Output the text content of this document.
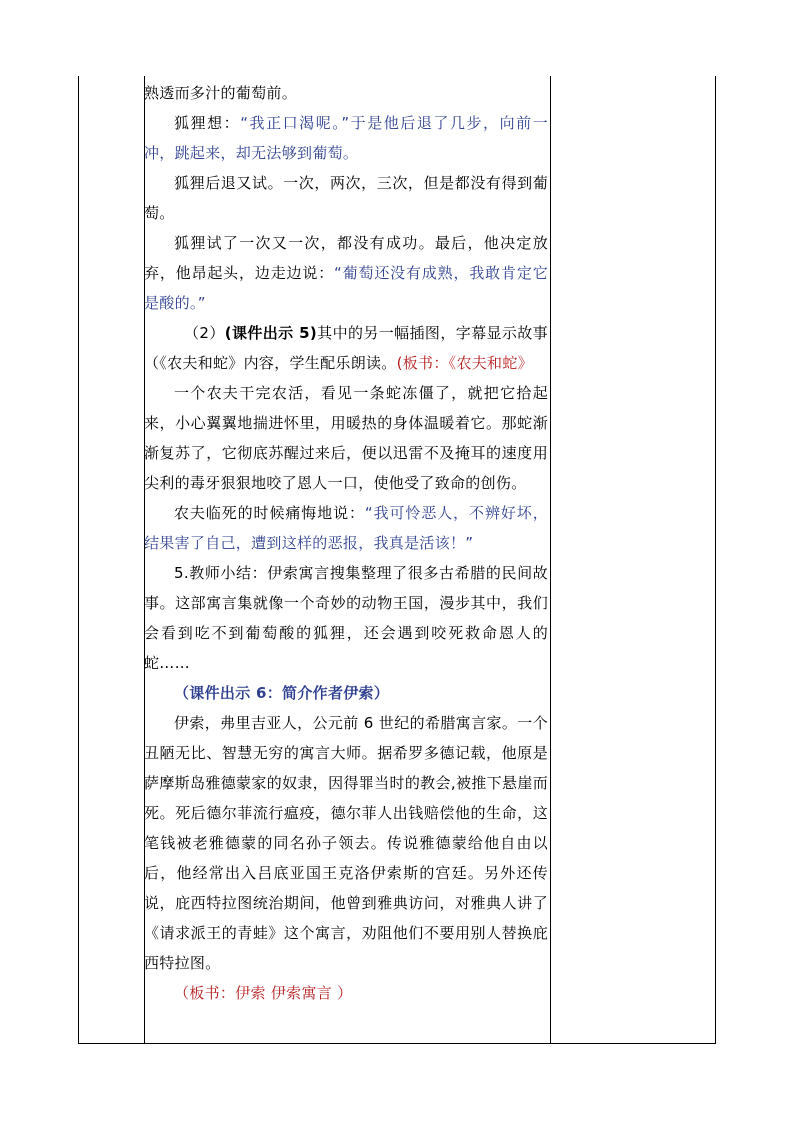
熟透而多汁的葡萄前。

狐狸想：“我正口渴呢。”于是他后退了几步，向前一冲，跳起来，却无法够到葡萄。

狐狸后退又试。一次，两次，三次，但是都没有得到葡萄。

狐狸试了一次又一次，都没有成功。最后，他决定放弃，他昂起头，边走边说：“葡萄还没有成熟，我敢肯定它是酸的。”

（2）(课件出示 5)其中的另一幅插图，字幕显示故事（《农夫和蛇》内容，学生配乐朗读。(板书：《农夫和蛇》

一个农夫干完农活，看见一条蛇冻僵了，就把它拾起来，小心翼翼地揣进怀里，用暖热的身体温暖着它。那蛇渐渐复苏了，它彻底苏醒过来后，便以迅雷不及掩耳的速度用尖利的毒牙狠狠地咬了恩人一口，使他受了致命的创伤。

农夫临死的时候痛悔地说：“我可怜恶人，不辨好坏，结果害了自己，遭到这样的恶报，我真是活该！”

5.教师小结：伊索寓言搜集整理了很多古希腊的民间故事。这部寓言集就像一个奇妙的动物王国，漫步其中，我们会看到吃不到葡萄酸的狐狸，还会遇到咬死救命恩人的蛇……

（课件出示 6：简介作者伊索）

伊索，弗里吉亚人，公元前 6 世纪的希腊寓言家。一个丑陋无比、智慧无穷的寓言大师。据希罗多德记载，他原是萨摩斯岛雅德蒙家的奴隶，因得罪当时的教会,被推下悬崖而死。死后德尔菲流行瘟疫，德尔菲人出钱赔偿他的生命，这笔钱被老雅德蒙的同名孙子领去。传说雅德蒙给他自由以后，他经常出入吕底亚国王克洛伊索斯的宫廷。另外还传说，庇西特拉图统治期间，他曾到雅典访问，对雅典人讲了《请求派王的青蛙》这个寓言，劝阻他们不要用别人替换庇西特拉图。

（板书：伊索 伊索寓言 ）
